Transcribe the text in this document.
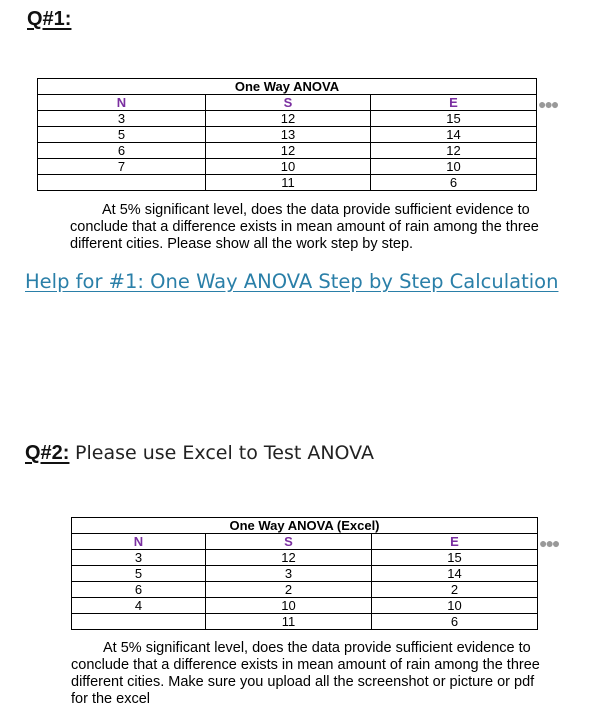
Q#1:
One Way ANOVA		
N	S	E
3	12	15
5	13	14
6	12	12
7	10	10
	11	6
●●●
At 5% significant level, does the data provide sufficient evidence to
conclude that a difference exists in mean amount of rain among the three
different cities. Please show all the work step by step.
Help for #1: One Way ANOVA Step by Step Calculation
Q#2: Please use Excel to Test ANOVA
One Way ANOVA (Excel)		
N	S	E
3	12	15
5	3	14
6	2	2
4	10	10
	11	6
●●●
At 5% significant level, does the data provide sufficient evidence to
conclude that a difference exists in mean amount of rain among the three
different cities. Make sure you upload all the screenshot or picture or pdf
for the excel
